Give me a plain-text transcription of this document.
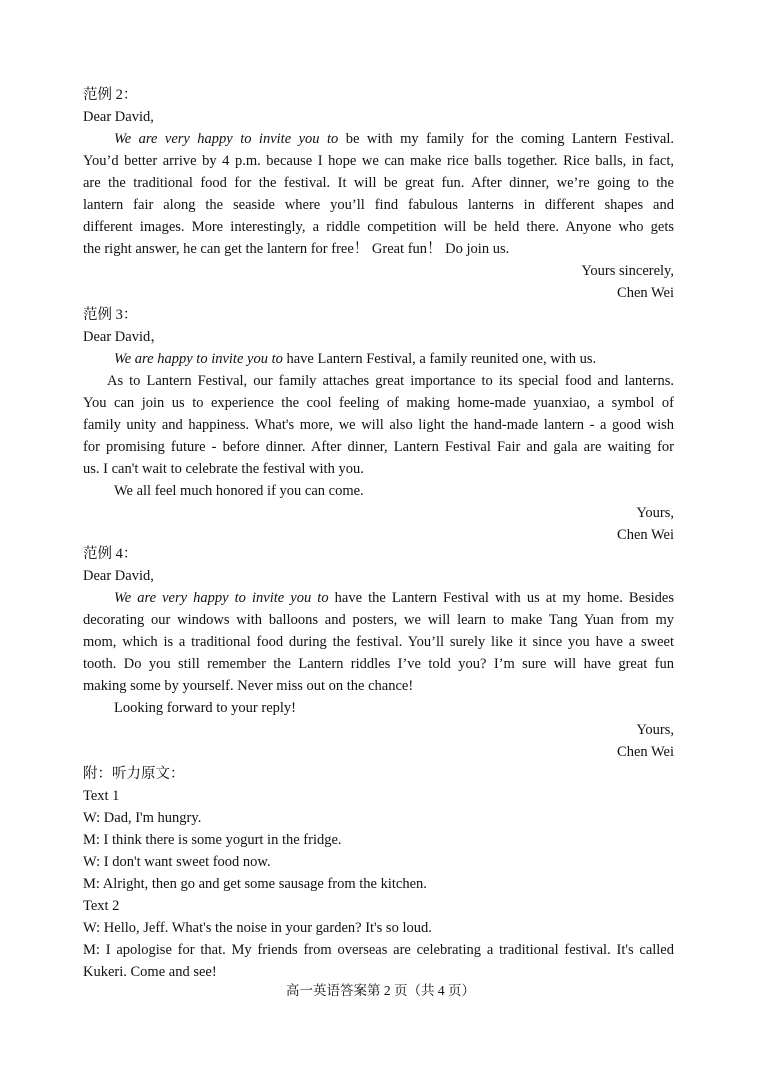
范例 2：
Dear David,
We are very happy to invite you to be with my family for the coming Lantern Festival.
You’d better arrive by 4 p.m. because I hope we can make rice balls together. Rice balls, in fact,
are the traditional food for the festival. It will be great fun. After dinner, we’re going to the
lantern fair along the seaside where you’ll find fabulous lanterns in different shapes and
different images. More interestingly, a riddle competition will be held there. Anyone who gets
the right answer, he can get the lantern for free！ Great fun！ Do join us.
Yours sincerely,
Chen Wei
范例 3：
Dear David，
We are happy to invite you to have Lantern Festival, a family reunited one, with us.
As to Lantern Festival, our family attaches great importance to its special food and lanterns.
You can join us to experience the cool feeling of making home-made yuanxiao, a symbol of
family unity and happiness. What's more, we will also light the hand-made lantern - a good wish
for promising future - before dinner. After dinner, Lantern Festival Fair and gala are waiting for
us. I can't wait to celebrate the festival with you.
We all feel much honored if you can come.
Yours,
Chen Wei
范例 4：
Dear David,
We are very happy to invite you to have the Lantern Festival with us at my home. Besides
decorating our windows with balloons and posters, we will learn to make Tang Yuan from my
mom, which is a traditional food during the festival. You’ll surely like it since you have a sweet
tooth. Do you still remember the Lantern riddles I’ve told you? I’m sure will have great fun
making some by yourself. Never miss out on the chance!
Looking forward to your reply!
Yours,
Chen Wei
附：听力原文：
Text 1
W: Dad, I'm hungry.
M: I think there is some yogurt in the fridge.
W: I don't want sweet food now.
M: Alright, then go and get some sausage from the kitchen.
Text 2
W: Hello, Jeff. What's the noise in your garden? It's so loud.
M: I apologise for that. My friends from overseas are celebrating a traditional festival. It's called
Kukeri. Come and see!
高一英语答案第 2 页（共 4 页）
